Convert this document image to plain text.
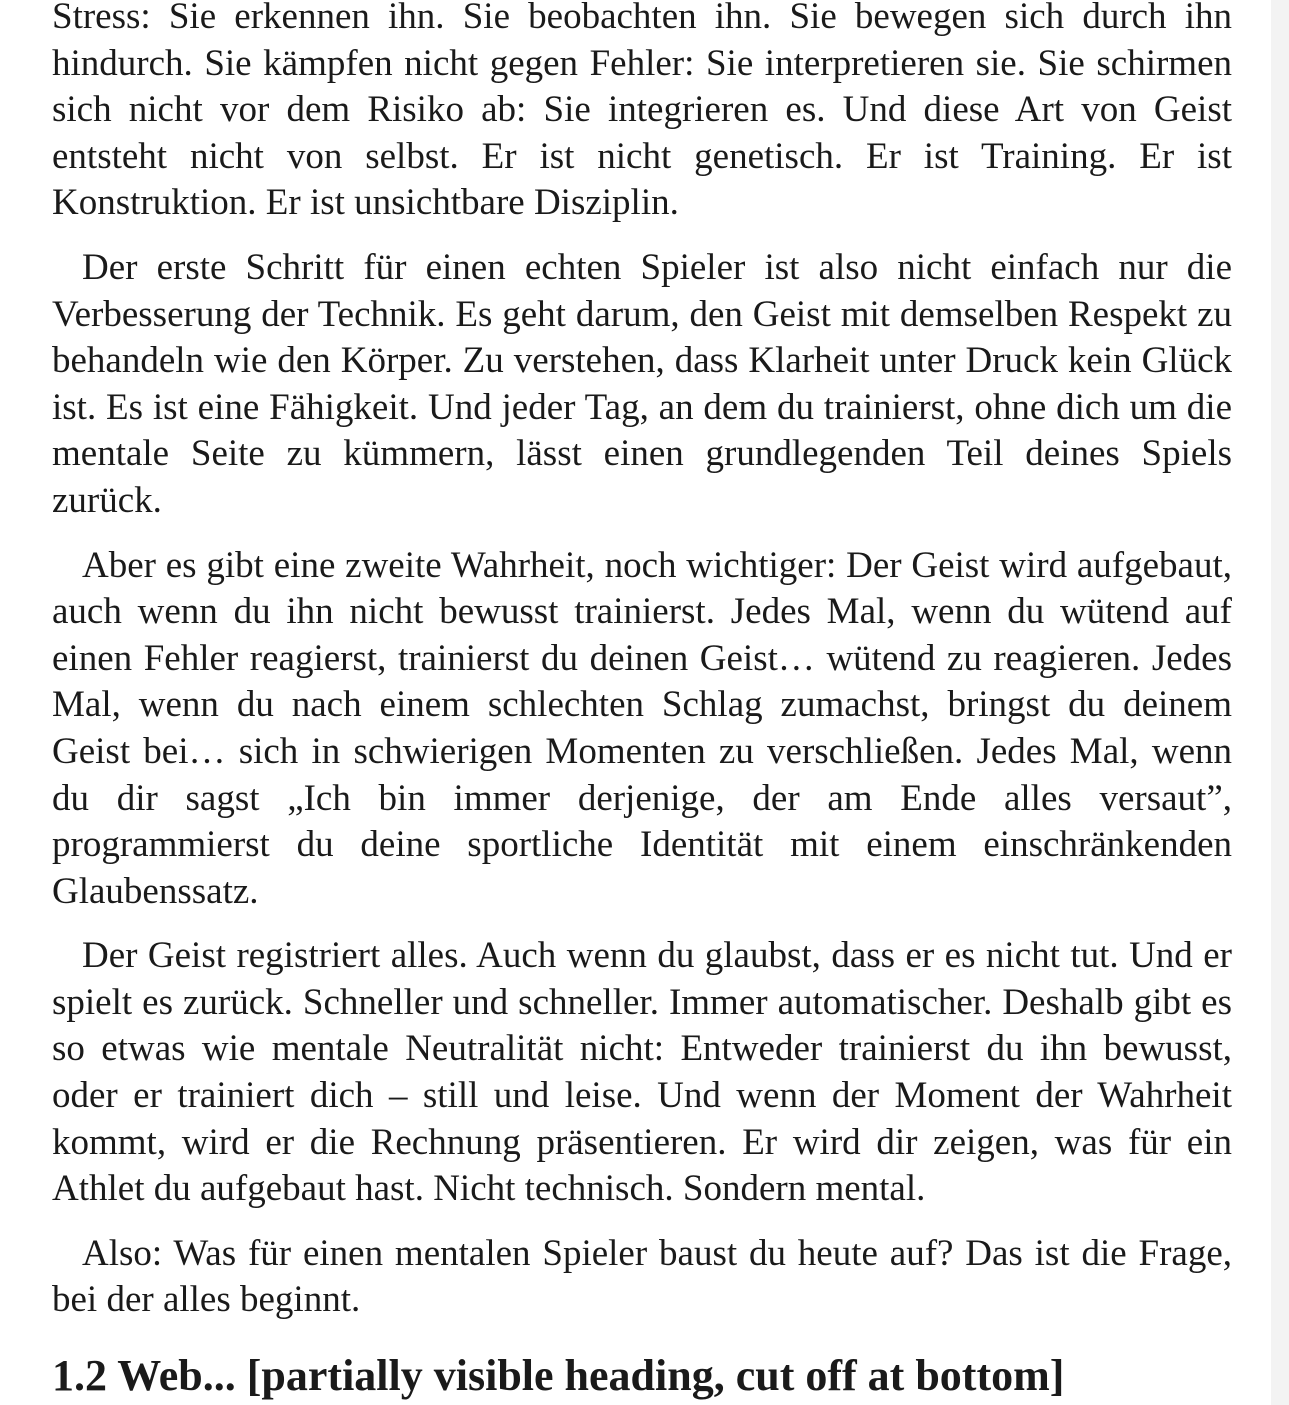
Stress: Sie erkennen ihn. Sie beobachten ihn. Sie bewegen sich durch ihn hindurch. Sie kämpfen nicht gegen Fehler: Sie interpretieren sie. Sie schirmen sich nicht vor dem Risiko ab: Sie integrieren es. Und diese Art von Geist entsteht nicht von selbst. Er ist nicht genetisch. Er ist Training. Er ist Konstruktion. Er ist unsichtbare Disziplin.

Der erste Schritt für einen echten Spieler ist also nicht einfach nur die Verbesserung der Technik. Es geht darum, den Geist mit demselben Respekt zu behandeln wie den Körper. Zu verstehen, dass Klarheit unter Druck kein Glück ist. Es ist eine Fähigkeit. Und jeder Tag, an dem du trainierst, ohne dich um die mentale Seite zu kümmern, lässt einen grundlegenden Teil deines Spiels zurück.

Aber es gibt eine zweite Wahrheit, noch wichtiger: Der Geist wird aufgebaut, auch wenn du ihn nicht bewusst trainierst. Jedes Mal, wenn du wütend auf einen Fehler reagierst, trainierst du deinen Geist… wütend zu reagieren. Jedes Mal, wenn du nach einem schlechten Schlag zumachst, bringst du deinem Geist bei… sich in schwierigen Momenten zu verschließen. Jedes Mal, wenn du dir sagst „Ich bin immer derjenige, der am Ende alles versaut”, programmierst du deine sportliche Identität mit einem einschränkenden Glaubenssatz.

Der Geist registriert alles. Auch wenn du glaubst, dass er es nicht tut. Und er spielt es zurück. Schneller und schneller. Immer automatischer. Deshalb gibt es so etwas wie mentale Neutralität nicht: Entweder trainierst du ihn bewusst, oder er trainiert dich – still und leise. Und wenn der Moment der Wahrheit kommt, wird er die Rechnung präsentieren. Er wird dir zeigen, was für ein Athlet du aufgebaut hast. Nicht technisch. Sondern mental.

Also: Was für einen mentalen Spieler baust du heute auf? Das ist die Frage, bei der alles beginnt.

1.2 Web... [partially visible heading, cut off at bottom]
